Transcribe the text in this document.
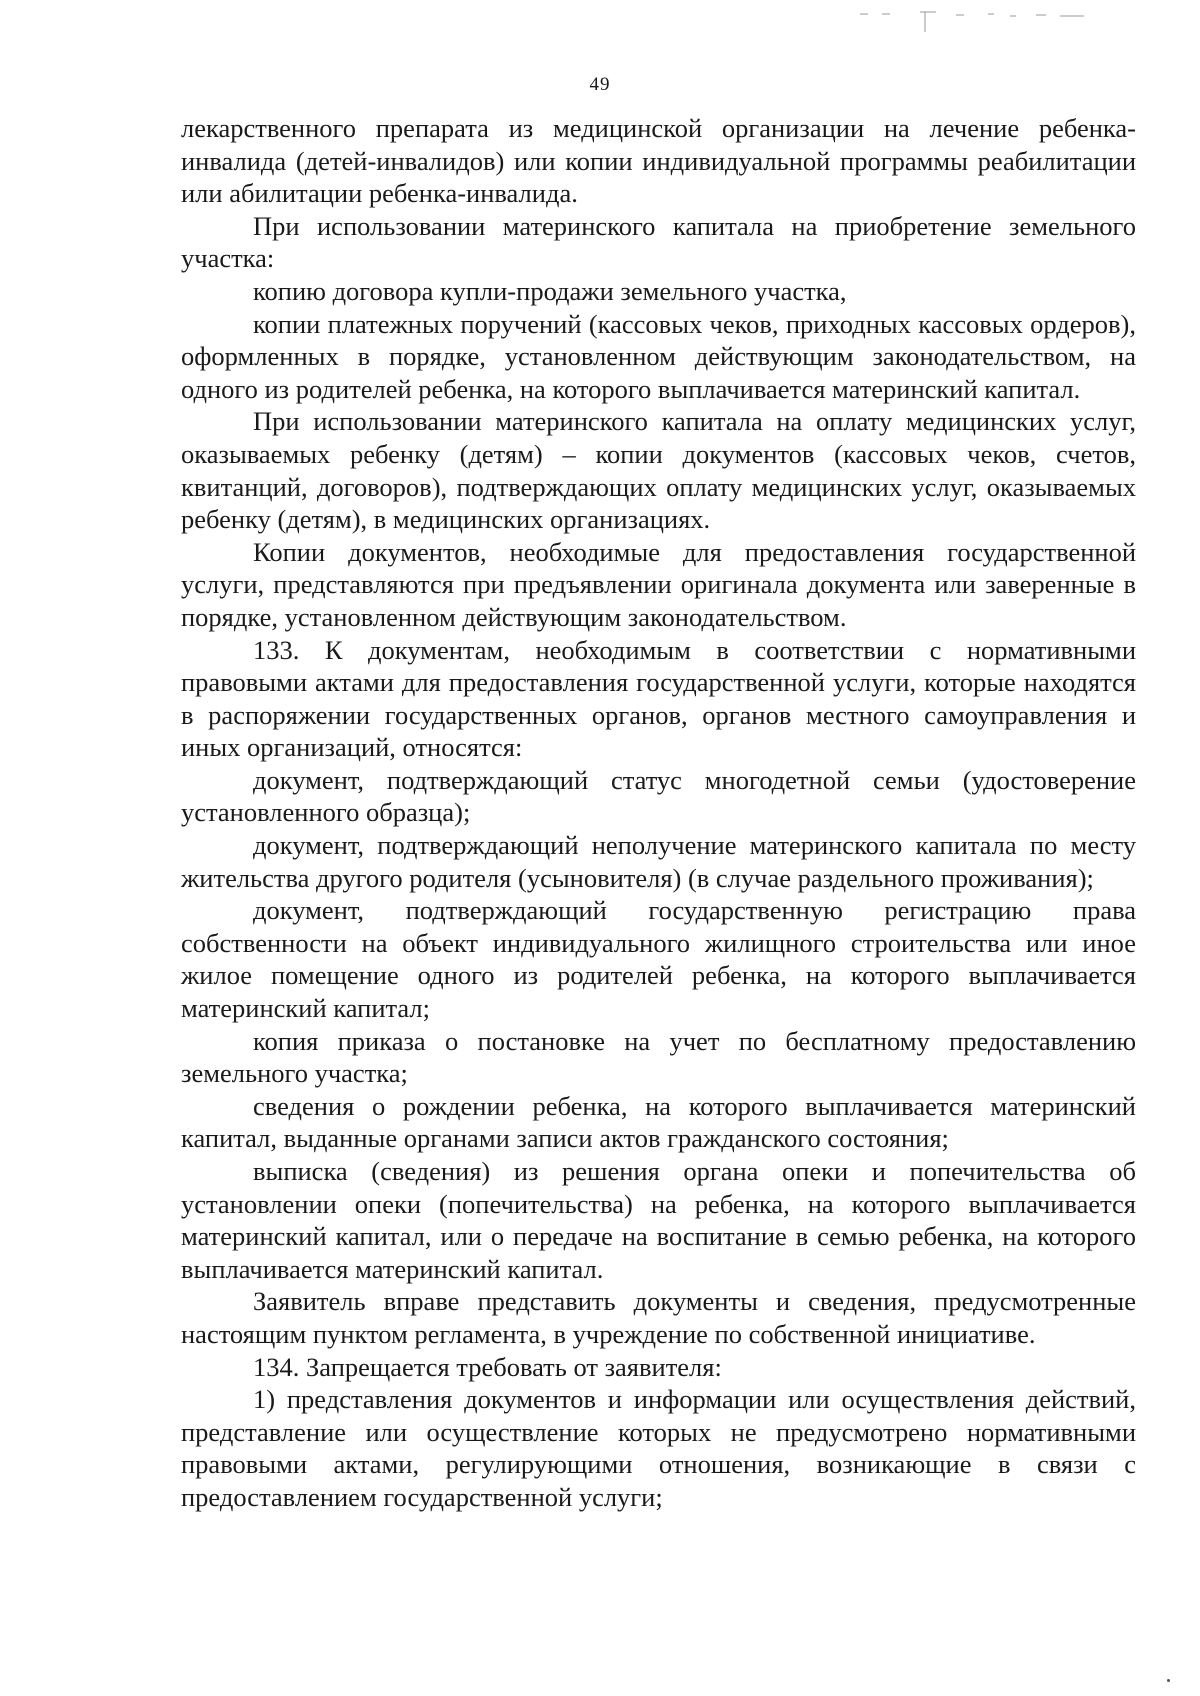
49

лекарственного препарата из медицинской организации на лечение ребенка-инвалида (детей-инвалидов) или копии индивидуальной программы реабилитации или абилитации ребенка-инвалида.

При использовании материнского капитала на приобретение земельного участка:

копию договора купли-продажи земельного участка,

копии платежных поручений (кассовых чеков, приходных кассовых ордеров), оформленных в порядке, установленном действующим законодательством, на одного из родителей ребенка, на которого выплачивается материнский капитал.

При использовании материнского капитала на оплату медицинских услуг, оказываемых ребенку (детям) – копии документов (кассовых чеков, счетов, квитанций, договоров), подтверждающих оплату медицинских услуг, оказываемых ребенку (детям), в медицинских организациях.

Копии документов, необходимые для предоставления государственной услуги, представляются при предъявлении оригинала документа или заверенные в порядке, установленном действующим законодательством.

133. К документам, необходимым в соответствии с нормативными правовыми актами для предоставления государственной услуги, которые находятся в распоряжении государственных органов, органов местного самоуправления и иных организаций, относятся:

документ, подтверждающий статус многодетной семьи (удостоверение установленного образца);

документ, подтверждающий неполучение материнского капитала по месту жительства другого родителя (усыновителя) (в случае раздельного проживания);

документ, подтверждающий государственную регистрацию права собственности на объект индивидуального жилищного строительства или иное жилое помещение одного из родителей ребенка, на которого выплачивается материнский капитал;

копия приказа о постановке на учет по бесплатному предоставлению земельного участка;

сведения о рождении ребенка, на которого выплачивается материнский капитал, выданные органами записи актов гражданского состояния;

выписка (сведения) из решения органа опеки и попечительства об установлении опеки (попечительства) на ребенка, на которого выплачивается материнский капитал, или о передаче на воспитание в семью ребенка, на которого выплачивается материнский капитал.

Заявитель вправе представить документы и сведения, предусмотренные настоящим пунктом регламента, в учреждение по собственной инициативе.

134. Запрещается требовать от заявителя:

1) представления документов и информации или осуществления действий, представление или осуществление которых не предусмотрено нормативными правовыми актами, регулирующими отношения, возникающие в связи с предоставлением государственной услуги;
